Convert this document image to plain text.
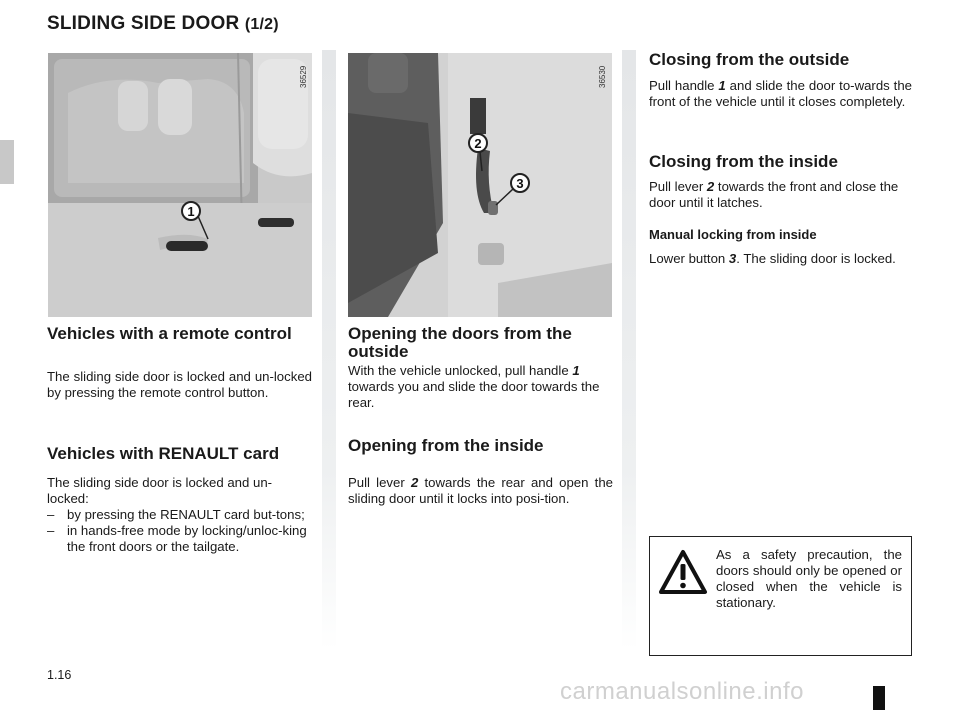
SLIDING SIDE DOOR (1/2)
1
36529
2
3
36530
Vehicles with a remote control

The sliding side door is locked and un-locked by pressing the remote control button.

Vehicles with RENAULT card

The sliding side door is locked and un-locked:

– by pressing the RENAULT card but-tons;
– in hands-free mode by locking/unloc-king the front doors or the tailgate.
Opening the doors from the outside

With the vehicle unlocked, pull handle 1 towards you and slide the door towards the rear.

Opening from the inside

Pull lever 2 towards the rear and open the sliding door until it locks into posi-tion.

Closing from the outside

Pull handle 1 and slide the door to-wards the front of the vehicle until it closes completely.

Closing from the inside

Pull lever 2 towards the front and close the door until it latches.

Manual locking from inside

Lower button 3. The sliding door is locked.

As a safety precaution, the doors should only be opened or closed when the vehicle is stationary.

1.16
carmanualsonline.info
